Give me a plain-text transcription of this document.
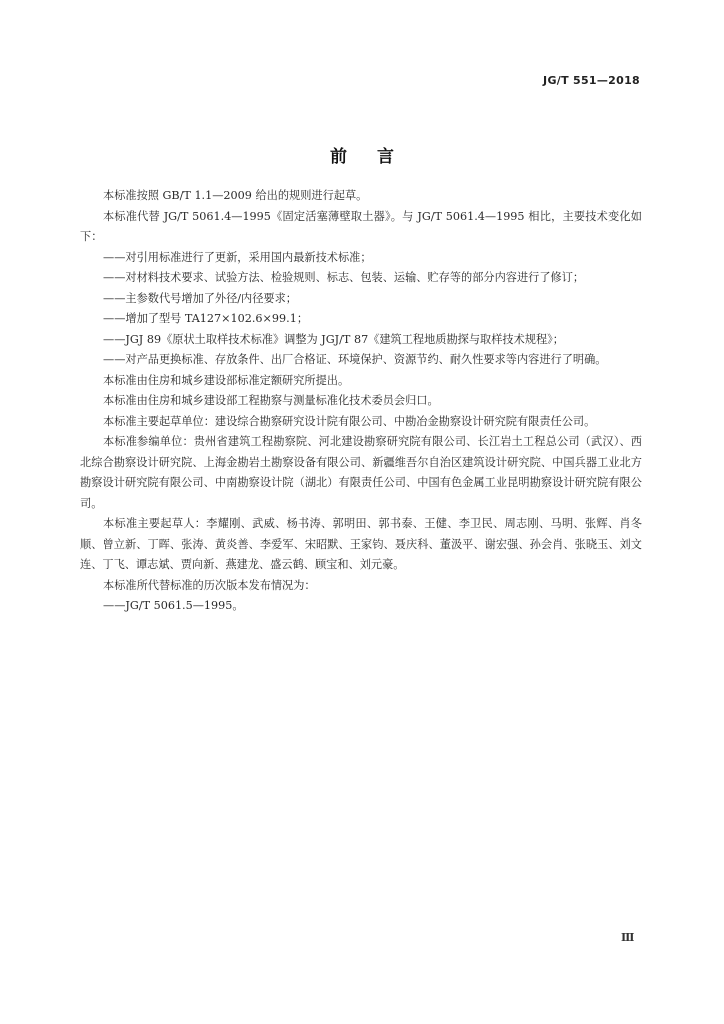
JG/T 551—2018
前言

本标准按照 GB/T 1.1—2009 给出的规则进行起草。

本标准代替 JG/T 5061.4—1995《固定活塞薄壁取土器》。与 JG/T 5061.4—1995 相比，主要技术变化如下：

——对引用标准进行了更新，采用国内最新技术标准；

——对材料技术要求、试验方法、检验规则、标志、包装、运输、贮存等的部分内容进行了修订；

——主参数代号增加了外径/内径要求；

——增加了型号 TA127×102.6×99.1；

——JGJ 89《原状土取样技术标准》调整为 JGJ/T 87《建筑工程地质勘探与取样技术规程》；

——对产品更换标准、存放条件、出厂合格证、环境保护、资源节约、耐久性要求等内容进行了明确。

本标准由住房和城乡建设部标准定额研究所提出。

本标准由住房和城乡建设部工程勘察与测量标准化技术委员会归口。

本标准主要起草单位：建设综合勘察研究设计院有限公司、中勘冶金勘察设计研究院有限责任公司。

本标准参编单位：贵州省建筑工程勘察院、河北建设勘察研究院有限公司、长江岩土工程总公司（武汉）、西北综合勘察设计研究院、上海金勘岩土勘察设备有限公司、新疆维吾尔自治区建筑设计研究院、中国兵器工业北方勘察设计研究院有限公司、中南勘察设计院（湖北）有限责任公司、中国有色金属工业昆明勘察设计研究院有限公司。

本标准主要起草人：李耀刚、武威、杨书涛、郭明田、郭书泰、王健、李卫民、周志刚、马明、张辉、肖冬顺、曾立新、丁晖、张涛、黄炎善、李爱军、宋昭默、王家钧、聂庆科、董汲平、谢宏强、孙会肖、张晓玉、刘文连、丁飞、谭志斌、贾向新、燕建龙、盛云鹤、顾宝和、刘元豪。

本标准所代替标准的历次版本发布情况为：

——JG/T 5061.5—1995。

Ⅲ
